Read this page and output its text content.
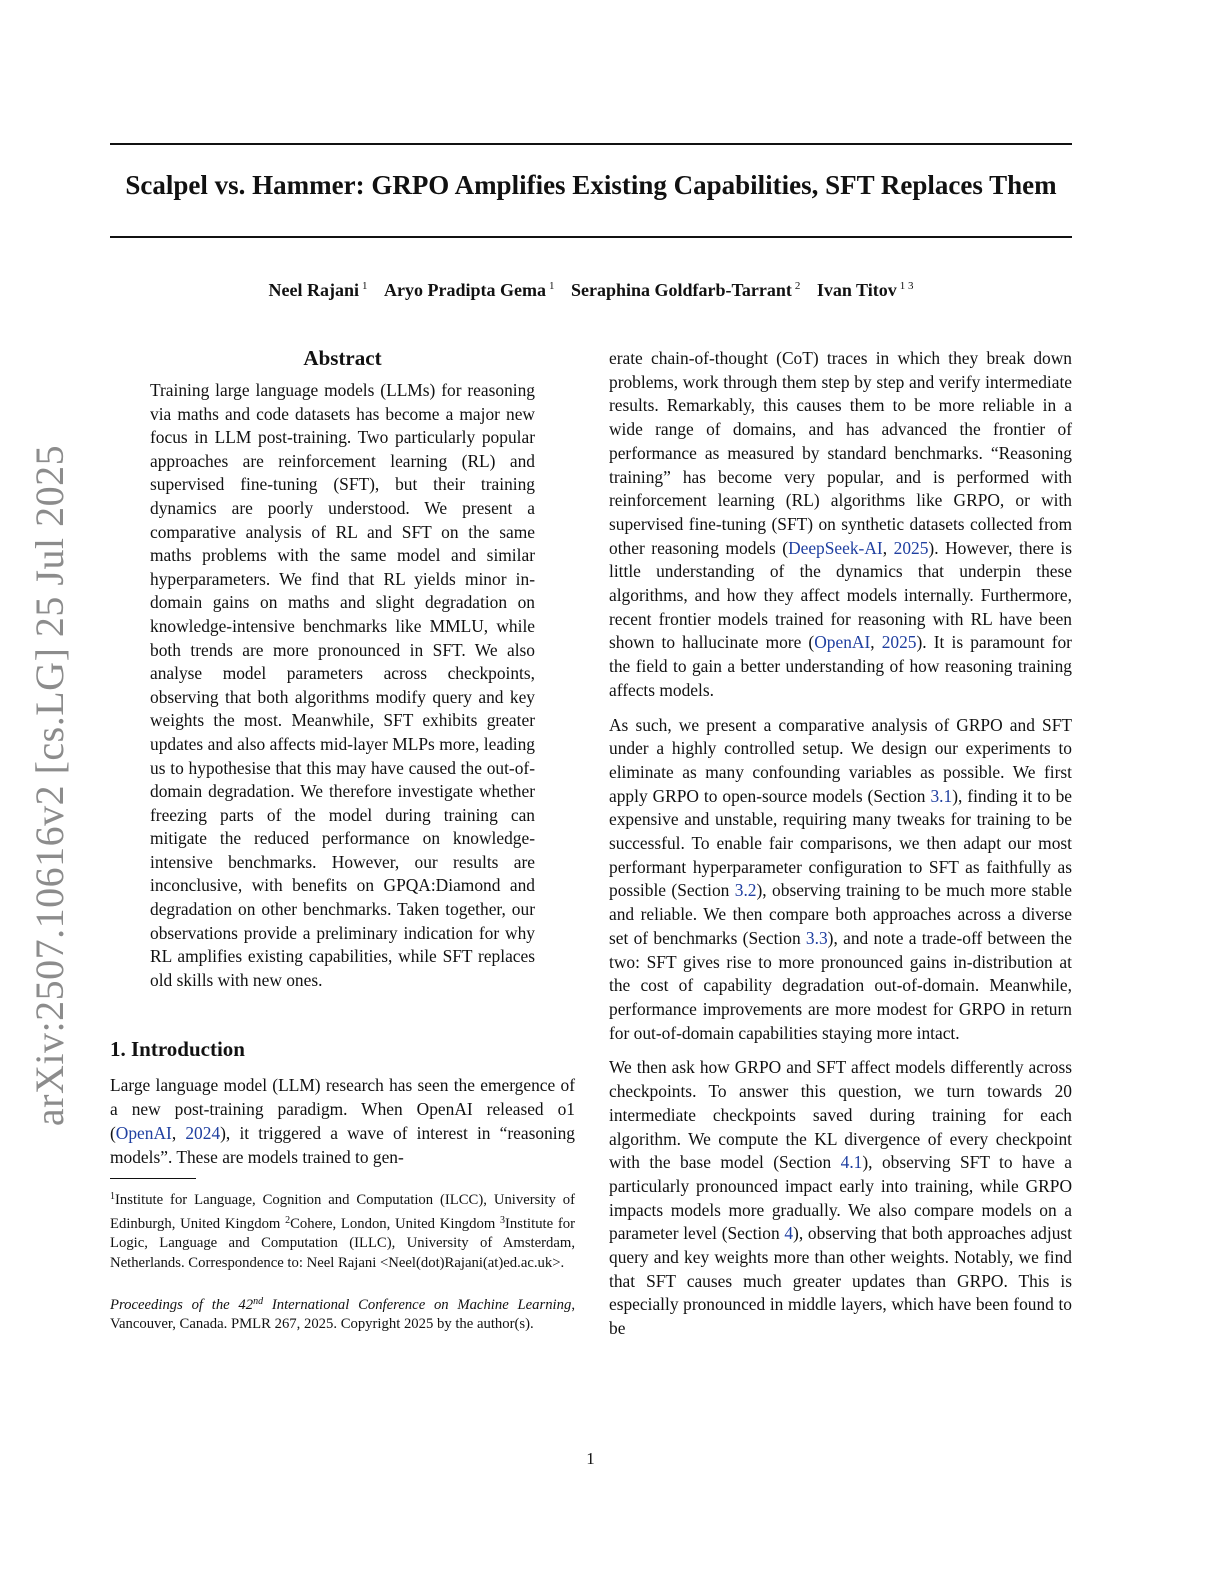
arXiv:2507.10616v2 [cs.LG] 25 Jul 2025
Scalpel vs. Hammer: GRPO Amplifies Existing Capabilities, SFT Replaces Them
Neel Rajani $^1$ Aryo Pradipta Gema $^1$ Seraphina Goldfarb-Tarrant $^2$ Ivan Titov $^{1 3}$
Abstract

Training large language models (LLMs) for reasoning via maths and code datasets has become a major new focus in LLM post-training. Two particularly popular approaches are reinforcement learning (RL) and supervised fine-tuning (SFT), but their training dynamics are poorly understood. We present a comparative analysis of RL and SFT on the same maths problems with the same model and similar hyperparameters. We find that RL yields minor in-domain gains on maths and slight degradation on knowledge-intensive benchmarks like MMLU, while both trends are more pronounced in SFT. We also analyse model parameters across checkpoints, observing that both algorithms modify query and key weights the most. Meanwhile, SFT exhibits greater updates and also affects mid-layer MLPs more, leading us to hypothesise that this may have caused the out-of-domain degradation. We therefore investigate whether freezing parts of the model during training can mitigate the reduced performance on knowledge-intensive benchmarks. However, our results are inconclusive, with benefits on GPQA:Diamond and degradation on other benchmarks. Taken together, our observations provide a preliminary indication for why RL amplifies existing capabilities, while SFT replaces old skills with new ones.

1. Introduction

Large language model (LLM) research has seen the emergence of a new post-training paradigm. When OpenAI released o1 (OpenAI, 2024), it triggered a wave of interest in “reasoning models”. These are models trained to gen-

$^1$Institute for Language, Cognition and Computation (ILCC), University of Edinburgh, United Kingdom $^2$Cohere, London, United Kingdom $^3$Institute for Logic, Language and Computation (ILLC), University of Amsterdam, Netherlands. Correspondence to: Neel Rajani <Neel(dot)Rajani(at)ed.ac.uk>.

Proceedings of the 42nd International Conference on Machine Learning, Vancouver, Canada. PMLR 267, 2025. Copyright 2025 by the author(s).

erate chain-of-thought (CoT) traces in which they break down problems, work through them step by step and verify intermediate results. Remarkably, this causes them to be more reliable in a wide range of domains, and has advanced the frontier of performance as measured by standard benchmarks. “Reasoning training” has become very popular, and is performed with reinforcement learning (RL) algorithms like GRPO, or with supervised fine-tuning (SFT) on synthetic datasets collected from other reasoning models (DeepSeek-AI, 2025). However, there is little understanding of the dynamics that underpin these algorithms, and how they affect models internally. Furthermore, recent frontier models trained for reasoning with RL have been shown to hallucinate more (OpenAI, 2025). It is paramount for the field to gain a better understanding of how reasoning training affects models.

As such, we present a comparative analysis of GRPO and SFT under a highly controlled setup. We design our experiments to eliminate as many confounding variables as possible. We first apply GRPO to open-source models (Section 3.1), finding it to be expensive and unstable, requiring many tweaks for training to be successful. To enable fair comparisons, we then adapt our most performant hyperparameter configuration to SFT as faithfully as possible (Section 3.2), observing training to be much more stable and reliable. We then compare both approaches across a diverse set of benchmarks (Section 3.3), and note a trade-off between the two: SFT gives rise to more pronounced gains in-distribution at the cost of capability degradation out-of-domain. Meanwhile, performance improvements are more modest for GRPO in return for out-of-domain capabilities staying more intact.

We then ask how GRPO and SFT affect models differently across checkpoints. To answer this question, we turn towards 20 intermediate checkpoints saved during training for each algorithm. We compute the KL divergence of every checkpoint with the base model (Section 4.1), observing SFT to have a particularly pronounced impact early into training, while GRPO impacts models more gradually. We also compare models on a parameter level (Section 4), observing that both approaches adjust query and key weights more than other weights. Notably, we find that SFT causes much greater updates than GRPO. This is especially pronounced in middle layers, which have been found to be

1
